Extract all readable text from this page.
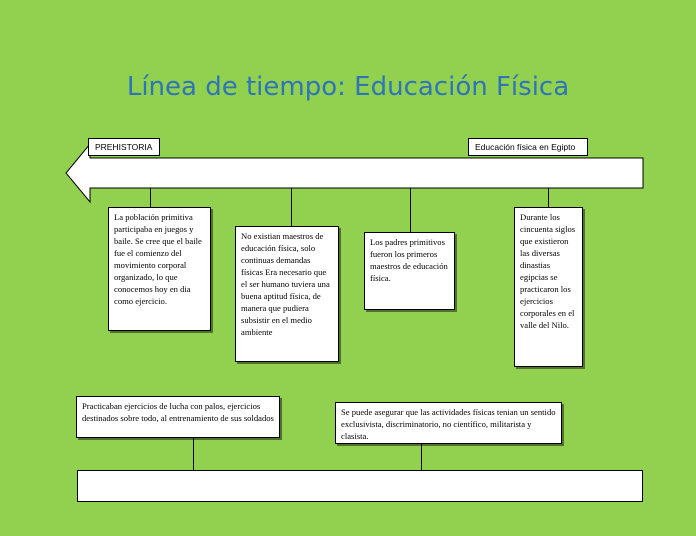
Línea de tiempo: Educación Física
PREHISTORIA	Educación física en Egipto
La población primitiva participaba en juegos y baile. Se cree que el baile fue el comienzo del movimiento corporal organizado, lo que conocemos hoy en dia como ejercicio.
No existian maestros de educación física, solo continuas demandas físicas Era necesario que el ser humano tuviera una buena aptitud física, de manera que pudiera subsistir en el medio ambiente
Los padres primitivos fueron los primeros maestros de educación física.
Durante los cincuenta siglos que existieron las diversas dinastias egipcias se practicaron los ejercicios corporales en el valle del Nilo.
Practicaban ejercicios de lucha con palos, ejercicios destinados sobre todo, al entrenamiento de sus soldados
Se puede asegurar que las actividades físicas tenian un sentido exclusivista, discriminatorio, no científico, militarista y clasista.
